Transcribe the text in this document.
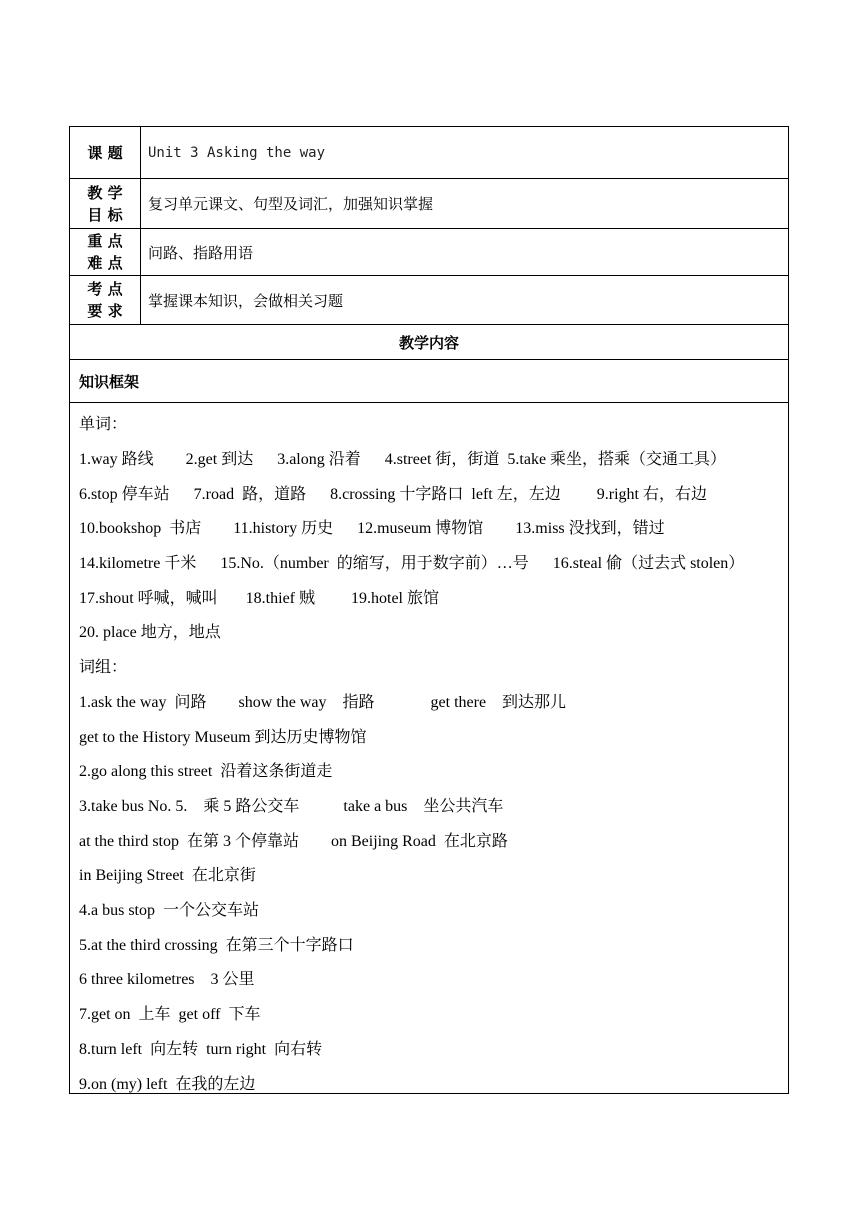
课 题 Unit 3 Asking the way
教 学
目 标
复习单元课文、句型及词汇，加强知识掌握
重 点
难 点
问路、指路用语
考 点
要 求
掌握课本知识，会做相关习题
教学内容
知识框架
单词：
1.way 路线        2.get 到达      3.along 沿着      4.street 街，街道  5.take 乘坐，搭乘（交通工具）
6.stop 停车站      7.road  路，道路      8.crossing 十字路口  left 左，左边         9.right 右，右边
10.bookshop  书店        11.history 历史      12.museum 博物馆        13.miss 没找到，错过
14.kilometre 千米      15.No.（number  的缩写，用于数字前）…号      16.steal 偷（过去式 stolen）
17.shout 呼喊，喊叫       18.thief 贼         19.hotel 旅馆
20. place 地方，地点
词组：
1.ask the way  问路        show the way    指路              get there    到达那儿
get to the History Museum 到达历史博物馆
2.go along this street  沿着这条街道走
3.take bus No. 5.    乘 5 路公交车           take a bus    坐公共汽车
at the third stop  在第 3 个停靠站        on Beijing Road  在北京路
in Beijing Street  在北京街
4.a bus stop  一个公交车站
5.at the third crossing  在第三个十字路口
6 three kilometres    3 公里
7.get on  上车  get off  下车
8.turn left  向左转  turn right  向右转
9.on (my) left  在我的左边
